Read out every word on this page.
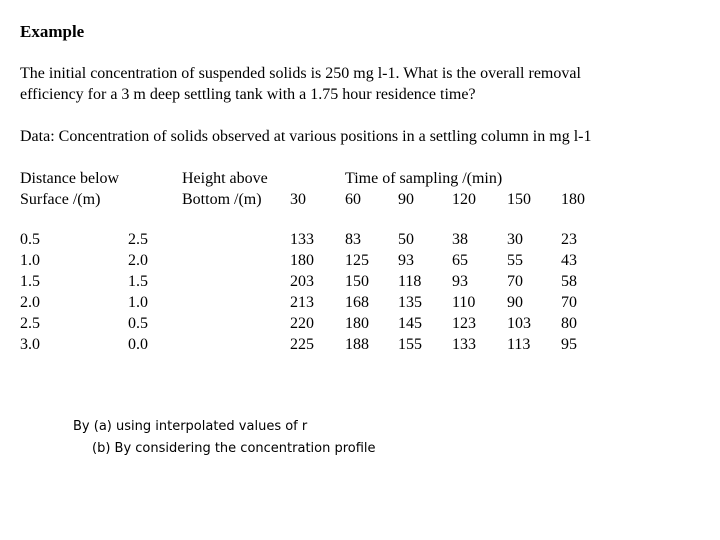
Example
The initial concentration of suspended solids is 250 mg l-1. What is the overall removal
efficiency for a 3 m deep settling tank with a 1.75 hour residence time?
Data: Concentration of solids observed at various positions in a settling column in mg l-1
Distance below
Surface /(m)
Height above
Bottom /(m)
Time of sampling /(min)
30 60 90 120 150 180
0.5	2.5	133 83 50 38 30 23
1.0	2.0	180 125 93 65 55 43
1.5	1.5	203 150 118 93 70 58
2.0	1.0	213 168 135 110 90 70
2.5	0.5	220 180 145 123 103 80
3.0	0.0	225 188 155 133 113 95
By (a) using interpolated values of r
(b) By considering the concentration profile
